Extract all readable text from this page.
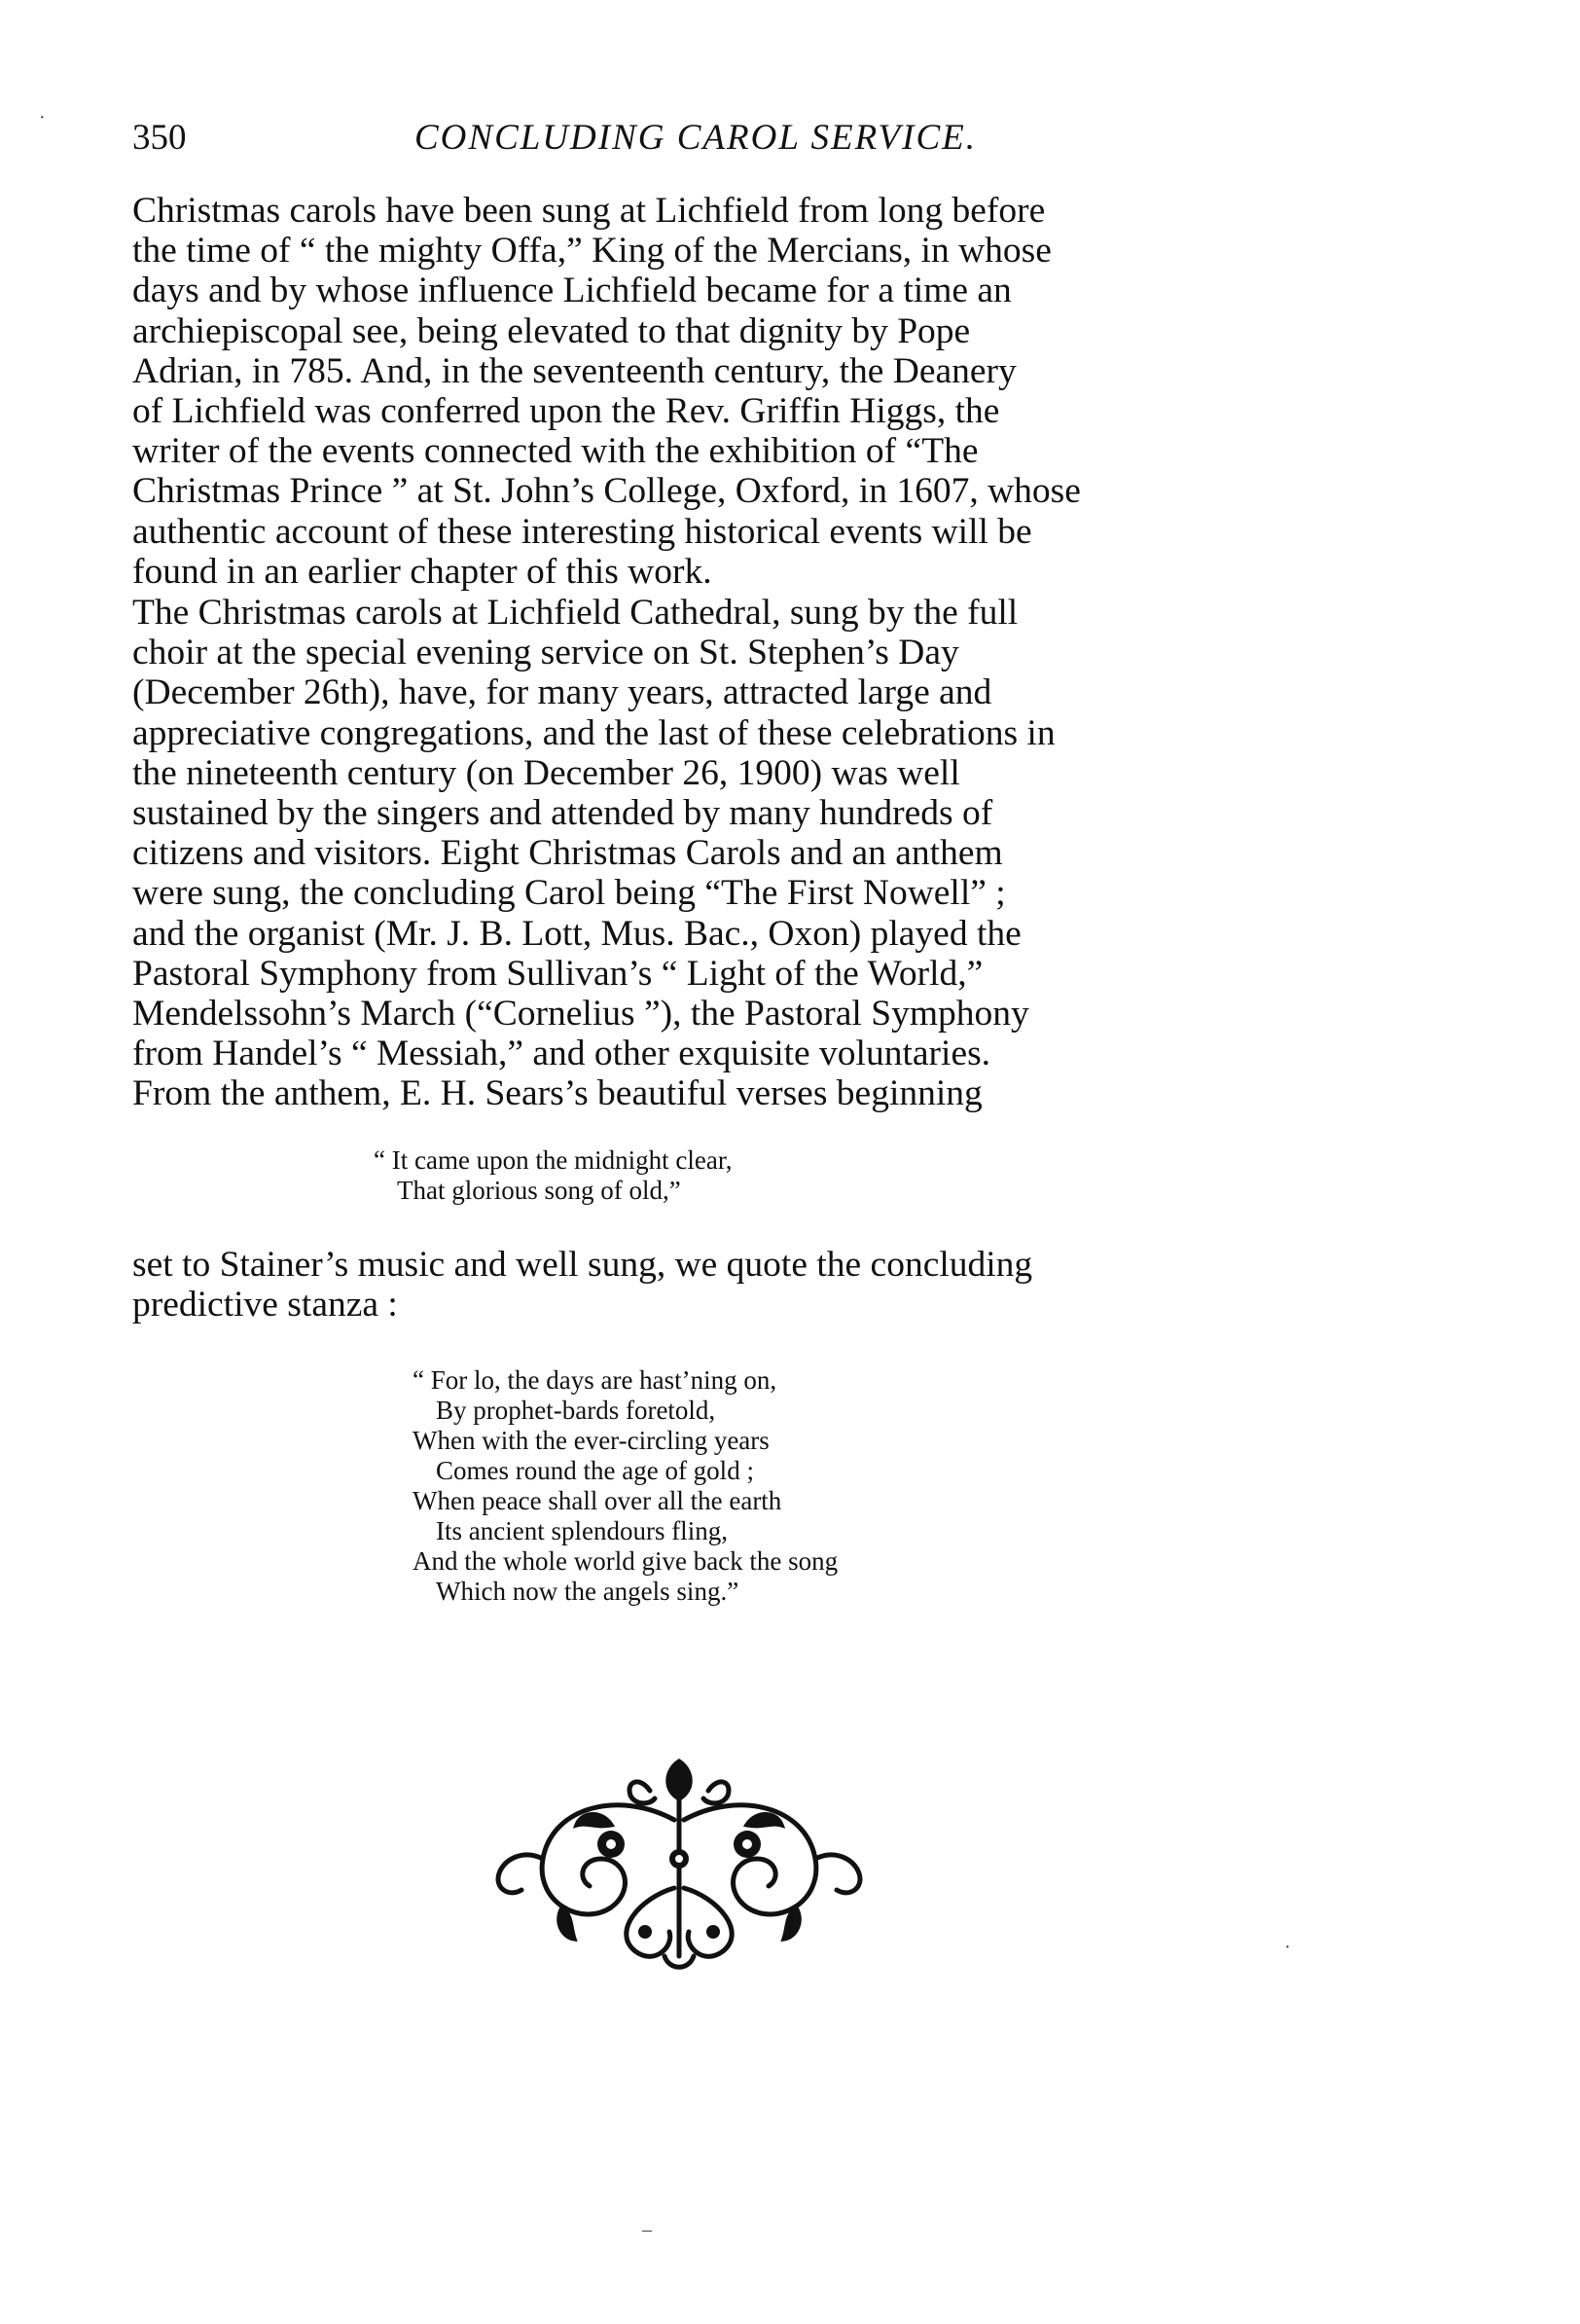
350	CONCLUDING CAROL SERVICE.

Christmas carols have been sung at Lichfield from long before
the time of “ the mighty Offa,” King of the Mercians, in whose
days and by whose influence Lichfield became for a time an
archiepiscopal see, being elevated to that dignity by Pope
Adrian, in 785. And, in the seventeenth century, the Deanery
of Lichfield was conferred upon the Rev. Griffin Higgs, the
writer of the events connected with the exhibition of “The
Christmas Prince ” at St. John’s College, Oxford, in 1607, whose
authentic account of these interesting historical events will be
found in an earlier chapter of this work.

The Christmas carols at Lichfield Cathedral, sung by the full
choir at the special evening service on St. Stephen’s Day
(December 26th), have, for many years, attracted large and
appreciative congregations, and the last of these celebrations in
the nineteenth century (on December 26, 1900) was well
sustained by the singers and attended by many hundreds of
citizens and visitors. Eight Christmas Carols and an anthem
were sung, the concluding Carol being “The First Nowell” ;
and the organist (Mr. J. B. Lott, Mus. Bac., Oxon) played the
Pastoral Symphony from Sullivan’s “ Light of the World,”
Mendelssohn’s March (“Cornelius ”), the Pastoral Symphony
from Handel’s “ Messiah,” and other exquisite voluntaries.
From the anthem, E. H. Sears’s beautiful verses beginning

“ It came upon the midnight clear,
That glorious song of old,”

set to Stainer’s music and well sung, we quote the concluding
predictive stanza :

“ For lo, the days are hast’ning on,
By prophet-bards foretold,
When with the ever-circling years
Comes round the age of gold ;
When peace shall over all the earth
Its ancient splendours fling,
And the whole world give back the song
Which now the angels sing.”
·
·
–
